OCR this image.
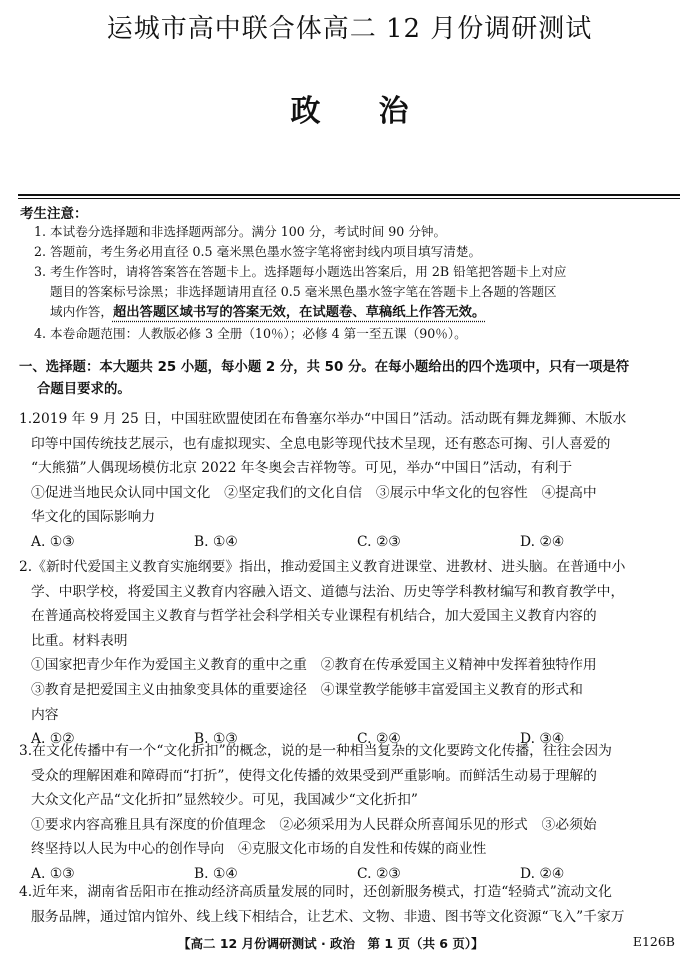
运城市高中联合体高二 12 月份调研测试
政治
考生注意：
1. 本试卷分选择题和非选择题两部分。满分 100 分，考试时间 90 分钟。
2. 答题前，考生务必用直径 0.5 毫米黑色墨水签字笔将密封线内项目填写清楚。
3. 考生作答时，请将答案答在答题卡上。选择题每小题选出答案后，用 2B 铅笔把答题卡上对应
题目的答案标号涂黑；非选择题请用直径 0.5 毫米黑色墨水签字笔在答题卡上各题的答题区
域内作答，超出答题区域书写的答案无效，在试题卷、草稿纸上作答无效。
4. 本卷命题范围：人教版必修 3 全册（10％）；必修 4 第一至五课（90％）。
一、选择题：本大题共 25 小题，每小题 2 分，共 50 分。在每小题给出的四个选项中，只有一项是符
合题目要求的。
1.2019 年 9 月 25 日，中国驻欧盟使团在布鲁塞尔举办“中国日”活动。活动既有舞龙舞狮、木版水
印等中国传统技艺展示，也有虚拟现实、全息电影等现代技术呈现，还有憨态可掬、引人喜爱的
“大熊猫”人偶现场模仿北京 2022 年冬奥会吉祥物等。可见，举办“中国日”活动，有利于
①促进当地民众认同中国文化　②坚定我们的文化自信　③展示中华文化的包容性　④提高中
华文化的国际影响力
A. ①③	B. ①④	C. ②③	D. ②④
2.《新时代爱国主义教育实施纲要》指出，推动爱国主义教育进课堂、进教材、进头脑。在普通中小
学、中职学校，将爱国主义教育内容融入语文、道德与法治、历史等学科教材编写和教育教学中，
在普通高校将爱国主义教育与哲学社会科学相关专业课程有机结合，加大爱国主义教育内容的
比重。材料表明
①国家把青少年作为爱国主义教育的重中之重　②教育在传承爱国主义精神中发挥着独特作用
③教育是把爱国主义由抽象变具体的重要途径　④课堂教学能够丰富爱国主义教育的形式和
内容
A. ①②	B. ①③	C. ②④	D. ③④
3.在文化传播中有一个“文化折扣”的概念，说的是一种相当复杂的文化要跨文化传播，往往会因为
受众的理解困难和障碍而“打折”，使得文化传播的效果受到严重影响。而鲜活生动易于理解的
大众文化产品“文化折扣”显然较少。可见，我国减少“文化折扣”
①要求内容高雅且具有深度的价值理念　②必须采用为人民群众所喜闻乐见的形式　③必须始
终坚持以人民为中心的创作导向　④克服文化市场的自发性和传媒的商业性
A. ①③	B. ①④	C. ②③	D. ②④
4.近年来，湖南省岳阳市在推动经济高质量发展的同时，还创新服务模式，打造“轻骑式”流动文化
服务品牌，通过馆内馆外、线上线下相结合，让艺术、文物、非遗、图书等文化资源“飞入”千家万
【高二 12 月份调研测试 · 政治　第 1 页（共 6 页）】	E126B
